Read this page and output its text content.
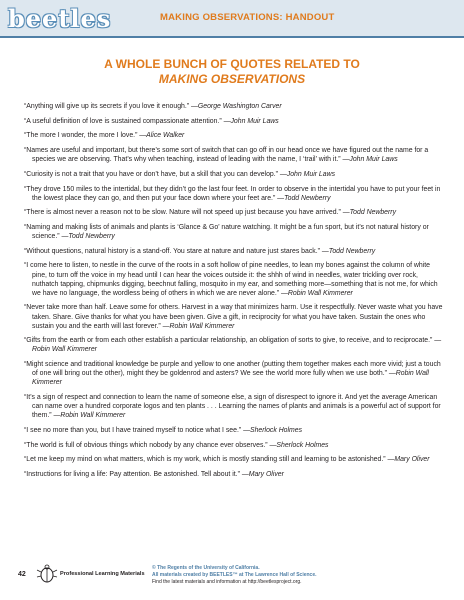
beetles	MAKING OBSERVATIONS: HANDOUT
A WHOLE BUNCH OF QUOTES RELATED TO
MAKING OBSERVATIONS

“Anything will give up its secrets if you love it enough.” —George Washington Carver

“A useful definition of love is sustained compassionate attention.” —John Muir Laws

“The more I wonder, the more I love.” —Alice Walker

“Names are useful and important, but there’s some sort of switch that can go off in our head once we have figured out the name for a species we are observing. That’s why when teaching, instead of leading with the name, I ‘trail’ with it.” —John Muir Laws

“Curiosity is not a trait that you have or don’t have, but a skill that you can develop.” —John Muir Laws

“They drove 150 miles to the intertidal, but they didn’t go the last four feet. In order to observe in the intertidal you have to put your feet in the lowest place they can go, and then put your face down where your feet are.” —Todd Newberry

“There is almost never a reason not to be slow. Nature will not speed up just because you have arrived.” —Todd Newberry

“Naming and making lists of animals and plants is ‘Glance & Go’ nature watching. It might be a fun sport, but it’s not natural history or science.” —Todd Newberry

“Without questions, natural history is a stand-off. You stare at nature and nature just stares back.” —Todd Newberry

“I come here to listen, to nestle in the curve of the roots in a soft hollow of pine needles, to lean my bones against the column of white pine, to turn off the voice in my head until I can hear the voices outside it: the shhh of wind in needles, water trickling over rock, nuthatch tapping, chipmunks digging, beechnut falling, mosquito in my ear, and something more—something that is not me, for which we have no language, the wordless being of others in which we are never alone.” —Robin Wall Kimmerer

“Never take more than half. Leave some for others. Harvest in a way that minimizes harm. Use it respectfully. Never waste what you have taken. Share. Give thanks for what you have been given. Give a gift, in reciprocity for what you have taken. Sustain the ones who sustain you and the earth will last forever.” —Robin Wall Kimmerer

“Gifts from the earth or from each other establish a particular relationship, an obligation of sorts to give, to receive, and to reciprocate.” —Robin Wall Kimmerer

“Might science and traditional knowledge be purple and yellow to one another (putting them together makes each more vivid; just a touch of one will bring out the other), might they be goldenrod and asters? We see the world more fully when we use both.” —Robin Wall Kimmerer

“It’s a sign of respect and connection to learn the name of someone else, a sign of disrespect to ignore it. And yet the average American can name over a hundred corporate logos and ten plants . . . Learning the names of plants and animals is a powerful act of support for them.” —Robin Wall Kimmerer

“I see no more than you, but I have trained myself to notice what I see.” —Sherlock Holmes

“The world is full of obvious things which nobody by any chance ever observes.” —Sherlock Holmes

“Let me keep my mind on what matters, which is my work, which is mostly standing still and learning to be astonished.” —Mary Oliver

“Instructions for living a life: Pay attention. Be astonished. Tell about it.” —Mary Oliver

42	Professional Learning Materials
© The Regents of the University of California.
All materials created by BEETLES™ at The Lawrence Hall of Science.
Find the latest materials and information at http://beetlesproject.org.
